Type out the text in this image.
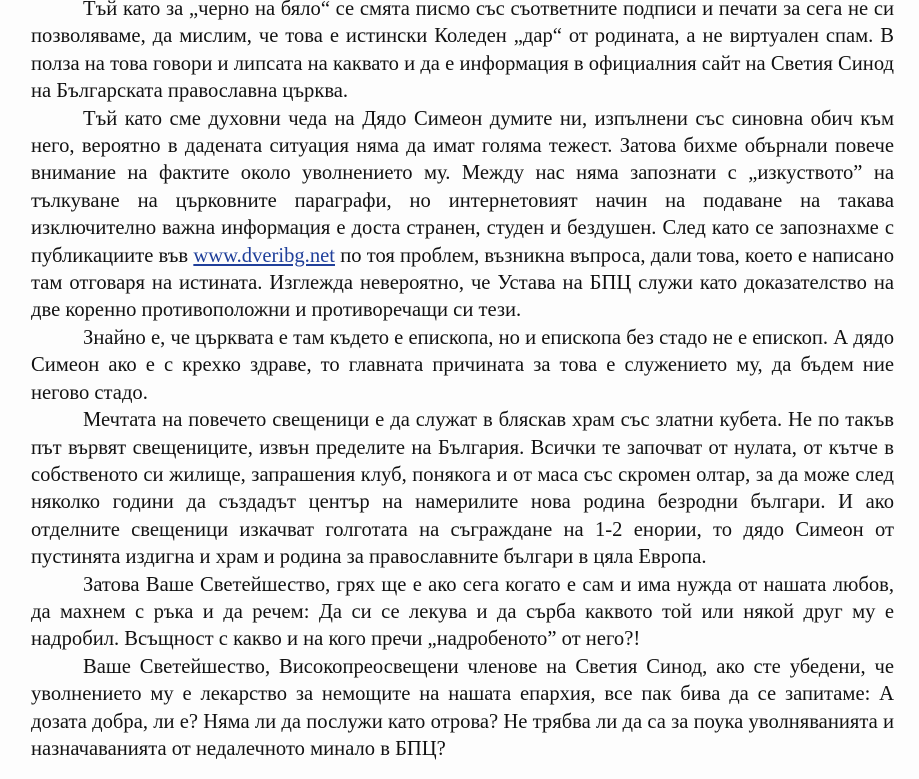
Тъй като за „черно на бяло“ се смята писмо със съответните подписи и печати за сега не си позволяваме, да мислим, че това е истински Коледен „дар“ от родината, а не виртуален спам. В полза на това говори и липсата на каквато и да е информация в официалния сайт на Светия Синод на Българската православна църква.

Тъй като сме духовни чеда на Дядо Симеон думите ни, изпълнени със синовна обич към него, вероятно в дадената ситуация няма да имат голяма тежест. Затова бихме обърнали повече внимание на фактите около уволнението му. Между нас няма запознати с „изкуството” на тълкуване на църковните параграфи, но интернетовият начин на подаване на такава изключително важна информация е доста странен, студен и бездушен. След като се запознахме с публикациите във www.dveribg.net по тоя проблем, възникна въпроса, дали това, което е написано там отговаря на истината. Изглежда невероятно, че Устава на БПЦ служи като доказателство на две коренно противоположни и противоречащи си тези.

Знайно е, че църквата е там където е епископа, но и епископа без стадо не е епископ. А дядо Симеон ако е с крехко здраве, то главната причината за това е служението му, да бъдем ние негово стадо.

Мечтата на повечето свещеници е да служат в бляскав храм със златни кубета. Не по такъв път вървят свещениците, извън пределите на България. Всички те започват от нулата, от кътче в собственото си жилище, запрашения клуб, понякога и от маса със скромен олтар, за да може след няколко години да създадът център на намерилите нова родина безродни българи. И ако отделните свещеници изкачват голготата на съграждане на 1-2 енории, то дядо Симеон от пустинята издигна и храм и родина за православните българи в цяла Европа.

Затова Ваше Светейшество, грях ще е ако сега когато е сам и има нужда от нашата любов, да махнем с ръка и да речем: Да си се лекува и да сърба каквото той или някой друг му е надробил. Всъщност с какво и на кого пречи „надробеното” от него?!

Ваше Светейшество, Високопреосвещени членове на Светия Синод, ако сте убедени, че уволнението му е лекарство за немощите на нашата епархия, все пак бива да се запитаме: А дозата добра, ли е? Няма ли да послужи като отрова? Не трябва ли да са за поука уволняванията и назначаванията от недалечното минало в БПЦ?
